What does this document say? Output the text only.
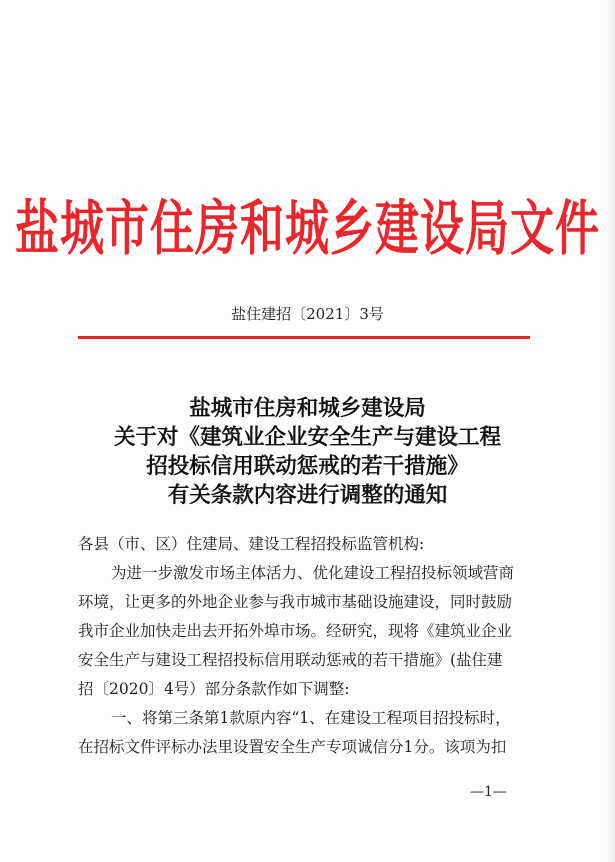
盐城市住房和城乡建设局文件
盐住建招〔2021〕3号
盐城市住房和城乡建设局
关于对《建筑业企业安全生产与建设工程
招投标信用联动惩戒的若干措施》
有关条款内容进行调整的通知
各县（市、区）住建局、建设工程招投标监管机构:
为进一步激发市场主体活力、优化建设工程招投标领域营商
环境，让更多的外地企业参与我市城市基础设施建设，同时鼓励
我市企业加快走出去开拓外埠市场。经研究，现将《建筑业企业
安全生产与建设工程招投标信用联动惩戒的若干措施》(盐住建
招〔2020〕4号）部分条款作如下调整:
一、将第三条第1款原内容“1、在建设工程项目招投标时，
在招标文件评标办法里设置安全生产专项诚信分1分。该项为扣
—1—
